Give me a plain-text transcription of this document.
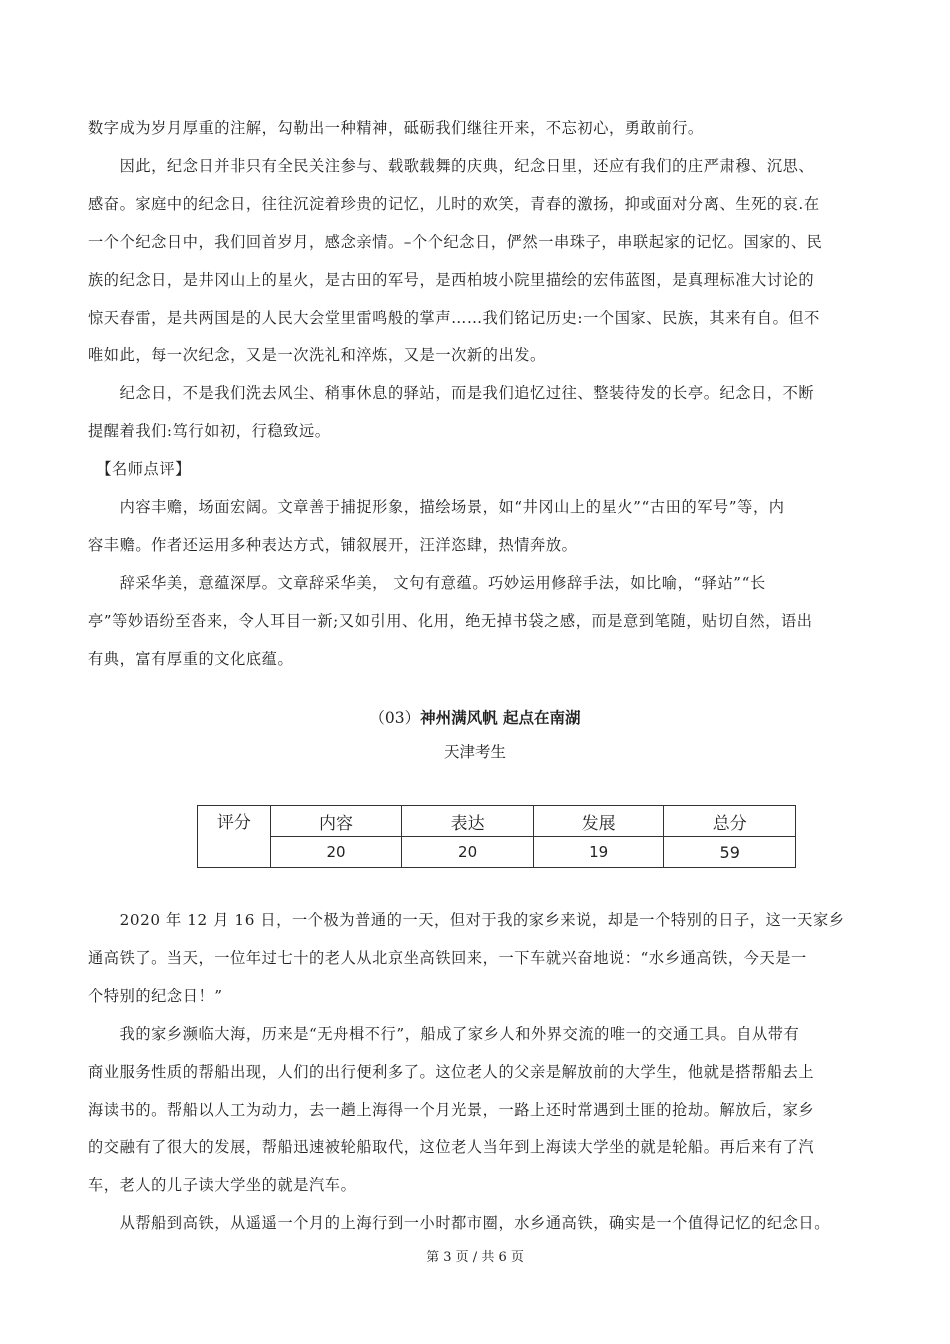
数字成为岁月厚重的注解，勾勒出一种精神，砥砺我们继往开来，不忘初心，勇敢前行。
　　因此，纪念日并非只有全民关注参与、载歌载舞的庆典，纪念日里，还应有我们的庄严肃穆、沉思、
感奋。家庭中的纪念日，往往沉淀着珍贵的记忆，儿时的欢笑，青春的激扬，抑或面对分离、生死的哀.在
一个个纪念日中，我们回首岁月，感念亲情。–个个纪念日，俨然一串珠子，串联起家的记忆。国家的、民
族的纪念日，是井冈山上的星火，是古田的军号，是西柏坡小院里描绘的宏伟蓝图，是真理标准大讨论的
惊天春雷，是共两国是的人民大会堂里雷鸣般的掌声……我们铭记历史:一个国家、民族，其来有自。但不
唯如此，每一次纪念，又是一次洗礼和淬炼，又是一次新的出发。
　　纪念日，不是我们洗去风尘、稍事休息的驿站，而是我们追忆过往、整装待发的长亭。纪念日，不断
提醒着我们:笃行如初，行稳致远。
　【名师点评】
　　内容丰赡，场面宏阔。文章善于捕捉形象，描绘场景，如“井冈山上的星火”“古田的军号”等，内
容丰赡。作者还运用多种表达方式，铺叙展开，汪洋恣肆，热情奔放。
　　辞采华美，意蕴深厚。文章辞采华美， 文句有意蕴。巧妙运用修辞手法，如比喻，“驿站”“长
亭”等妙语纷至沓来，令人耳目一新;又如引用、化用，绝无掉书袋之感，而是意到笔随，贴切自然，语出
有典，富有厚重的文化底蕴。

（03）神州满风帆 起点在南湖

天津考生

评分	内容	表达	发展	总分
	20	20	19	59
　　2020 年 12 月 16 日，一个极为普通的一天，但对于我的家乡来说，却是一个特别的日子，这一天家乡
通高铁了。当天，一位年过七十的老人从北京坐高铁回来，一下车就兴奋地说：“水乡通高铁，今天是一
个特别的纪念日！”
　　我的家乡濒临大海，历来是“无舟楫不行”，船成了家乡人和外界交流的唯一的交通工具。自从带有
商业服务性质的帮船出现，人们的出行便利多了。这位老人的父亲是解放前的大学生，他就是搭帮船去上
海读书的。帮船以人工为动力，去一趟上海得一个月光景，一路上还时常遇到土匪的抢劫。解放后，家乡
的交融有了很大的发展，帮船迅速被轮船取代，这位老人当年到上海读大学坐的就是轮船。再后来有了汽
车，老人的儿子读大学坐的就是汽车。
　　从帮船到高铁，从遥遥一个月的上海行到一小时都市圈，水乡通高铁，确实是一个值得记忆的纪念日。
第 3 页 / 共 6 页
